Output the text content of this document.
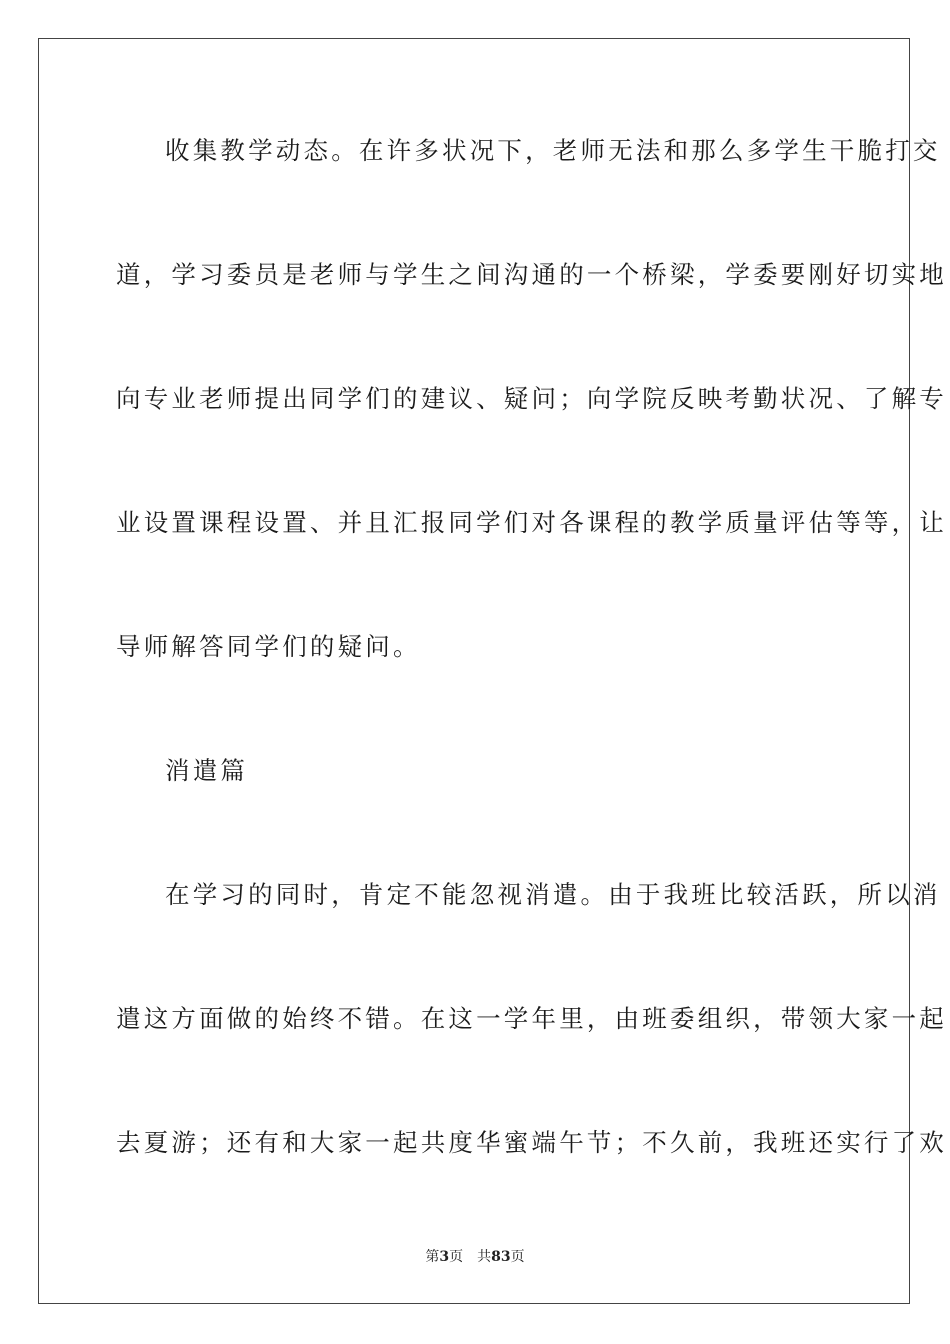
收集教学动态。在许多状况下，老师无法和那么多学生干脆打交
道，学习委员是老师与学生之间沟通的一个桥梁，学委要刚好切实地
向专业老师提出同学们的建议、疑问；向学院反映考勤状况、了解专
业设置课程设置、并且汇报同学们对各课程的教学质量评估等等，让
导师解答同学们的疑问。
消遣篇
在学习的同时，肯定不能忽视消遣。由于我班比较活跃，所以消
遣这方面做的始终不错。在这一学年里，由班委组织，带领大家一起
去夏游；还有和大家一起共度华蜜端午节；不久前，我班还实行了欢
第3页 共83页
